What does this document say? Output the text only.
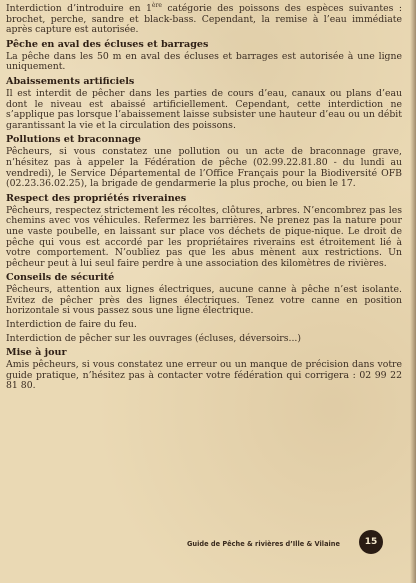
Interdiction d’introduire en 1ère catégorie des poissons des espèces suivantes : brochet, perche, sandre et black-bass. Cependant, la remise à l’eau immédiate après capture est autorisée.

Pêche en aval des écluses et barrages

La pêche dans les 50 m en aval des écluses et barrages est autorisée à une ligne uniquement.

Abaissements artificiels

Il est interdit de pêcher dans les parties de cours d’eau, canaux ou plans d’eau dont le niveau est abaissé artificiellement. Cependant, cette interdiction ne s’applique pas lorsque l’abaissement laisse subsister une hauteur d’eau ou un débit garantissant la vie et la circulation des poissons.

Pollutions et braconnage

Pêcheurs, si vous constatez une pollution ou un acte de braconnage grave, n’hésitez pas à appeler la Fédération de pêche (02.99.22.81.80 - du lundi au vendredi), le Service Départemental de l’Office Français pour la Biodiversité OFB (02.23.36.02.25), la brigade de gendarmerie la plus proche, ou bien le 17.

Respect des propriétés riveraines

Pêcheurs, respectez strictement les récoltes, clôtures, arbres. N’encombrez pas les chemins avec vos véhicules. Refermez les barrières. Ne prenez pas la nature pour une vaste poubelle, en laissant sur place vos déchets de pique-nique. Le droit de pêche qui vous est accordé par les propriétaires riverains est étroitement lié à votre comportement. N’oubliez pas que les abus mènent aux restrictions. Un pêcheur peut à lui seul faire perdre à une association des kilomètres de rivières.

Conseils de sécurité

Pêcheurs, attention aux lignes électriques, aucune canne à pêche n’est isolante. Evitez de pêcher près des lignes électriques. Tenez votre canne en position horizontale si vous passez sous une ligne électrique.

Interdiction de faire du feu.

Interdiction de pêcher sur les ouvrages (écluses, déversoirs...)

Mise à jour

Amis pêcheurs, si vous constatez une erreur ou un manque de précision dans votre guide pratique, n’hésitez pas à contacter votre fédération qui corrigera : 02 99 22 81 80.

Guide de Pêche & rivières d’Ille & Vilaine	15
